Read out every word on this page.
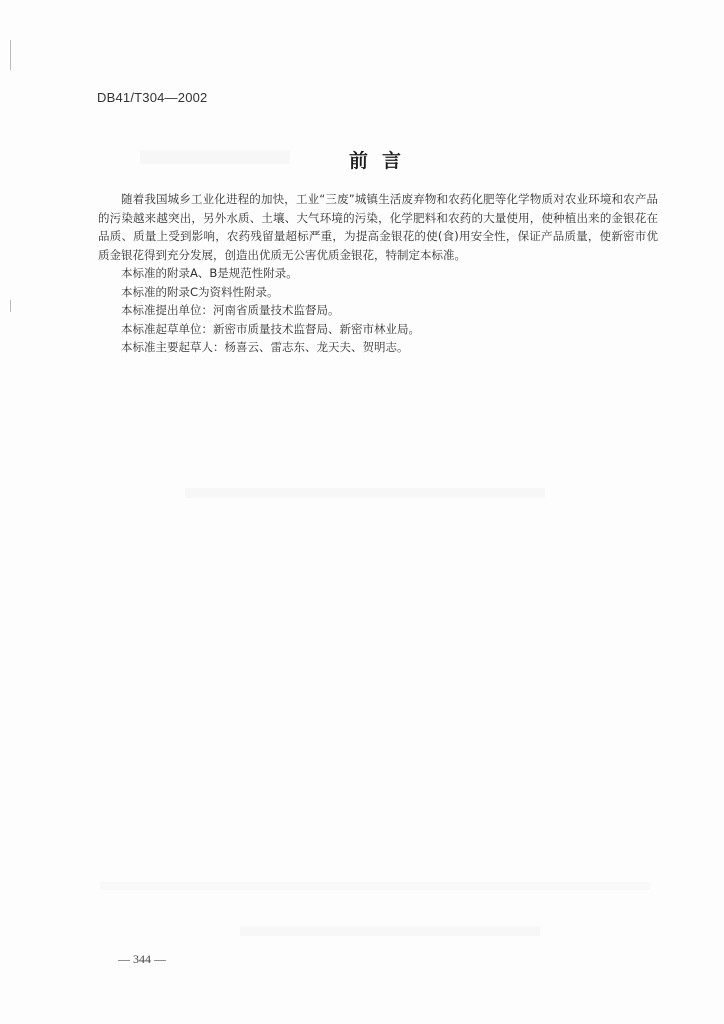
DB41/T304—2002
前言

随着我国城乡工业化进程的加快，工业“三废”城镇生活废弃物和农药化肥等化学物质对农业环境和农产品的污染越来越突出，另外水质、土壤、大气环境的污染，化学肥料和农药的大量使用，使种植出来的金银花在品质、质量上受到影响，农药残留量超标严重，为提高金银花的使(食)用安全性，保证产品质量，使新密市优质金银花得到充分发展，创造出优质无公害优质金银花，特制定本标准。

本标准的附录A、B是规范性附录。

本标准的附录C为资料性附录。

本标准提出单位：河南省质量技术监督局。

本标准起草单位：新密市质量技术监督局、新密市林业局。

本标准主要起草人：杨喜云、雷志东、龙天夫、贺明志。

— 344 —
